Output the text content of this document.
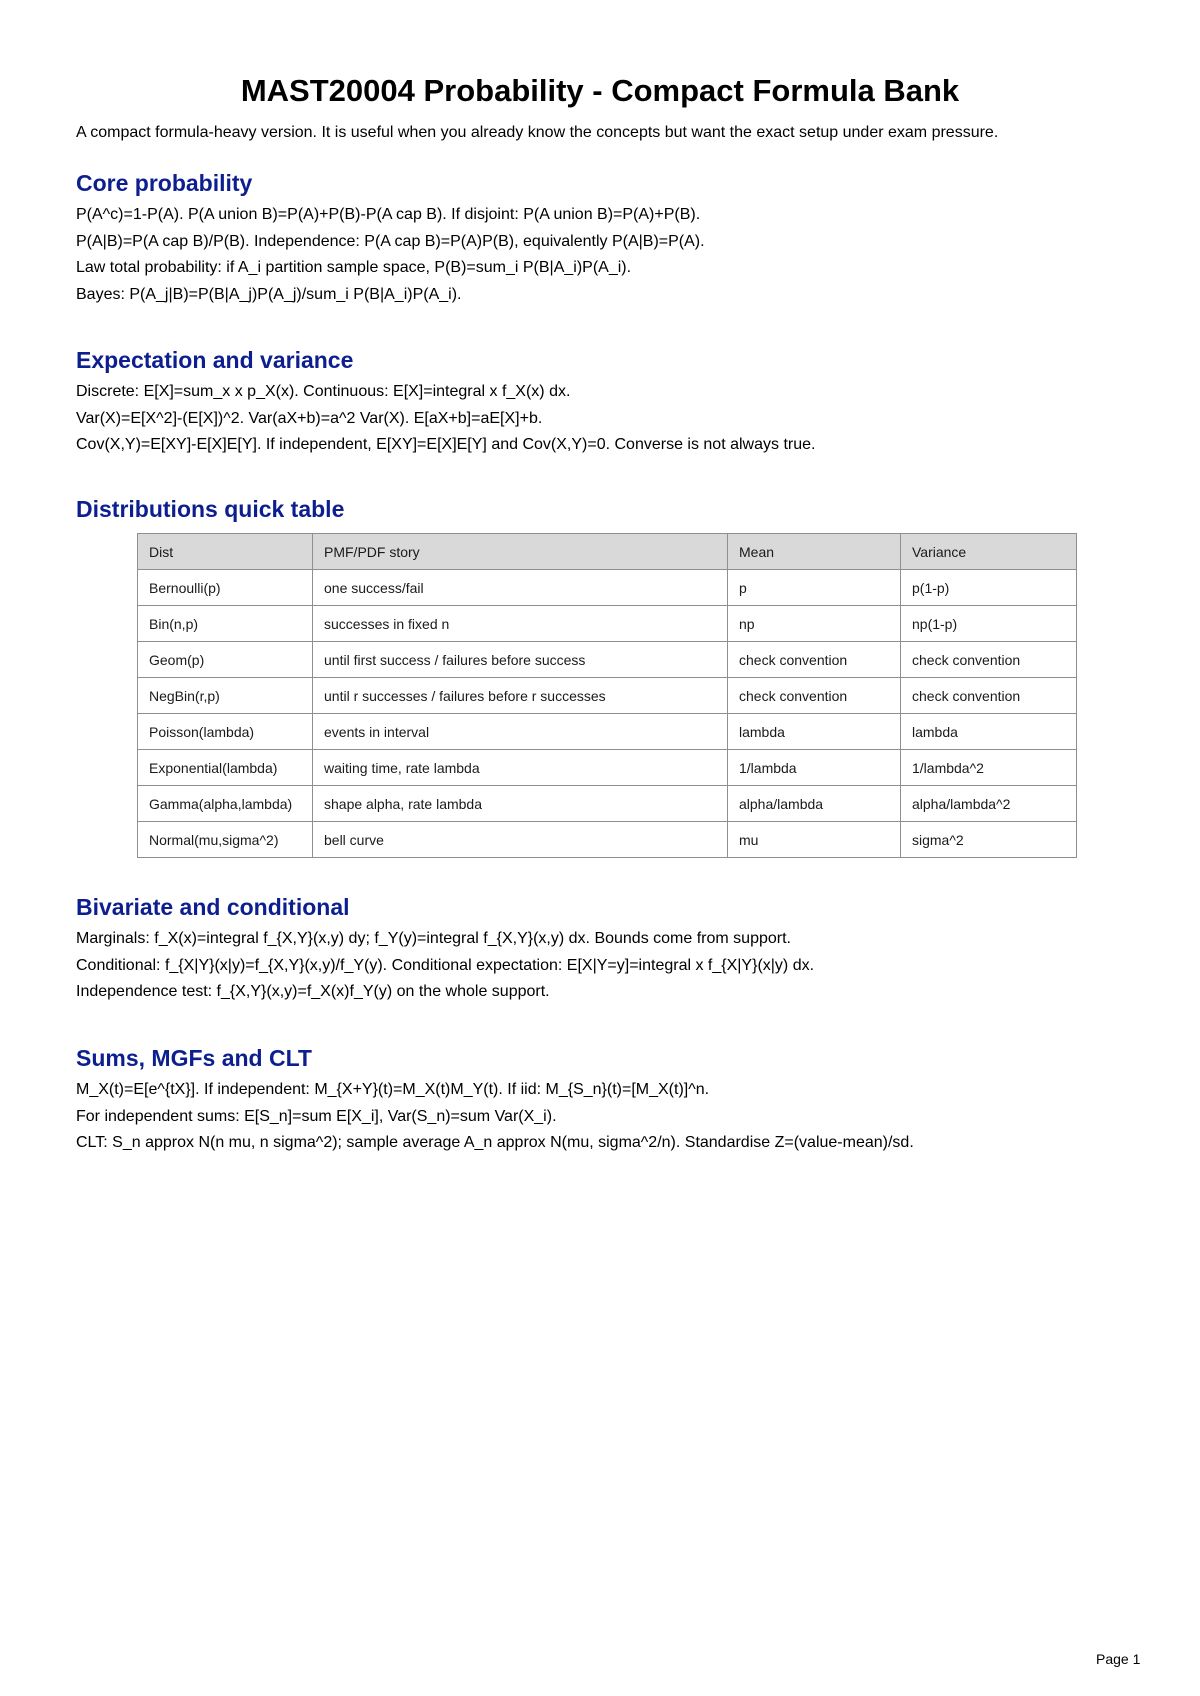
MAST20004 Probability - Compact Formula Bank
A compact formula-heavy version. It is useful when you already know the concepts but want the exact setup under exam pressure.
Core probability
P(A^c)=1-P(A). P(A union B)=P(A)+P(B)-P(A cap B). If disjoint: P(A union B)=P(A)+P(B).
P(A|B)=P(A cap B)/P(B). Independence: P(A cap B)=P(A)P(B), equivalently P(A|B)=P(A).
Law total probability: if A_i partition sample space, P(B)=sum_i P(B|A_i)P(A_i).
Bayes: P(A_j|B)=P(B|A_j)P(A_j)/sum_i P(B|A_i)P(A_i).
Expectation and variance
Discrete: E[X]=sum_x x p_X(x). Continuous: E[X]=integral x f_X(x) dx.
Var(X)=E[X^2]-(E[X])^2. Var(aX+b)=a^2 Var(X). E[aX+b]=aE[X]+b.
Cov(X,Y)=E[XY]-E[X]E[Y]. If independent, E[XY]=E[X]E[Y] and Cov(X,Y)=0. Converse is not always true.
Distributions quick table
Dist	PMF/PDF story	Mean	Variance
Bernoulli(p)	one success/fail	p	p(1-p)
Bin(n,p)	successes in fixed n	np	np(1-p)
Geom(p)	until first success / failures before success	check convention	check convention
NegBin(r,p)	until r successes / failures before r successes	check convention	check convention
Poisson(lambda)	events in interval	lambda	lambda
Exponential(lambda)	waiting time, rate lambda	1/lambda	1/lambda^2
Gamma(alpha,lambda)	shape alpha, rate lambda	alpha/lambda	alpha/lambda^2
Normal(mu,sigma^2)	bell curve	mu	sigma^2
Bivariate and conditional
Marginals: f_X(x)=integral f_{X,Y}(x,y) dy; f_Y(y)=integral f_{X,Y}(x,y) dx. Bounds come from support.
Conditional: f_{X|Y}(x|y)=f_{X,Y}(x,y)/f_Y(y). Conditional expectation: E[X|Y=y]=integral x f_{X|Y}(x|y) dx.
Independence test: f_{X,Y}(x,y)=f_X(x)f_Y(y) on the whole support.
Sums, MGFs and CLT
M_X(t)=E[e^{tX}]. If independent: M_{X+Y}(t)=M_X(t)M_Y(t). If iid: M_{S_n}(t)=[M_X(t)]^n.
For independent sums: E[S_n]=sum E[X_i], Var(S_n)=sum Var(X_i).
CLT: S_n approx N(n mu, n sigma^2); sample average A_n approx N(mu, sigma^2/n). Standardise Z=(value-mean)/sd.
Page 1
